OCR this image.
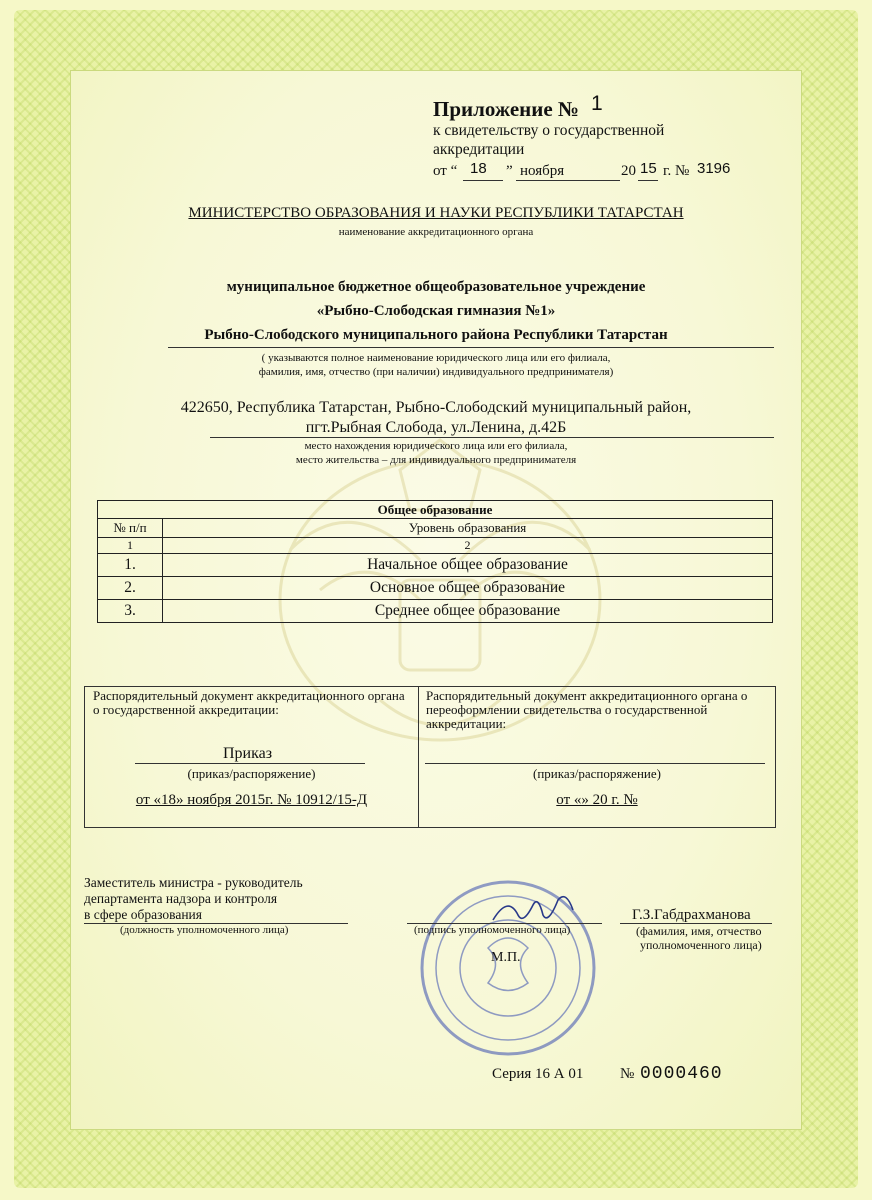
Приложение № 1
к свидетельству о государственной
аккредитации
от “ 18 ” ноября	20 15 г. № 3196
МИНИСТЕРСТВО ОБРАЗОВАНИЯ И НАУКИ РЕСПУБЛИКИ ТАТАРСТАН
наименование аккредитационного органа
муниципальное бюджетное общеобразовательное учреждение
«Рыбно-Слободская гимназия №1»
Рыбно-Слободского муниципального района Республики Татарстан
( указываются полное наименование юридического лица или его филиала,
фамилия, имя, отчество (при наличии) индивидуального предпринимателя)
422650, Республика Татарстан, Рыбно-Слободский муниципальный район,
пгт.Рыбная Слобода, ул.Ленина, д.42Б
место нахождения юридического лица или его филиала,
место жительства – для индивидуального предпринимателя
Общее образование	
№ п/п	Уровень образования
1	2
1.	Начальное общее образование
2.	Основное общее образование
3.	Среднее общее образование
Распорядительный документ аккредитационного органа о государственной аккредитации:
Приказ
(приказ/распоряжение)
от «18» ноября 2015г. № 10912/15-Д
Распорядительный документ аккредитационного органа о переоформлении свидетельства о государственной аккредитации:
(приказ/распоряжение)
от «» 20 г. №
Заместитель министра - руководитель
департамента надзора и контроля
в сфере образования
(должность уполномоченного лица)	(подпись уполномоченного лица)
М.П.
Г.З.Габдрахманова
(фамилия, имя, отчество
уполномоченного лица)
Серия 16 А 01 № 0000460
